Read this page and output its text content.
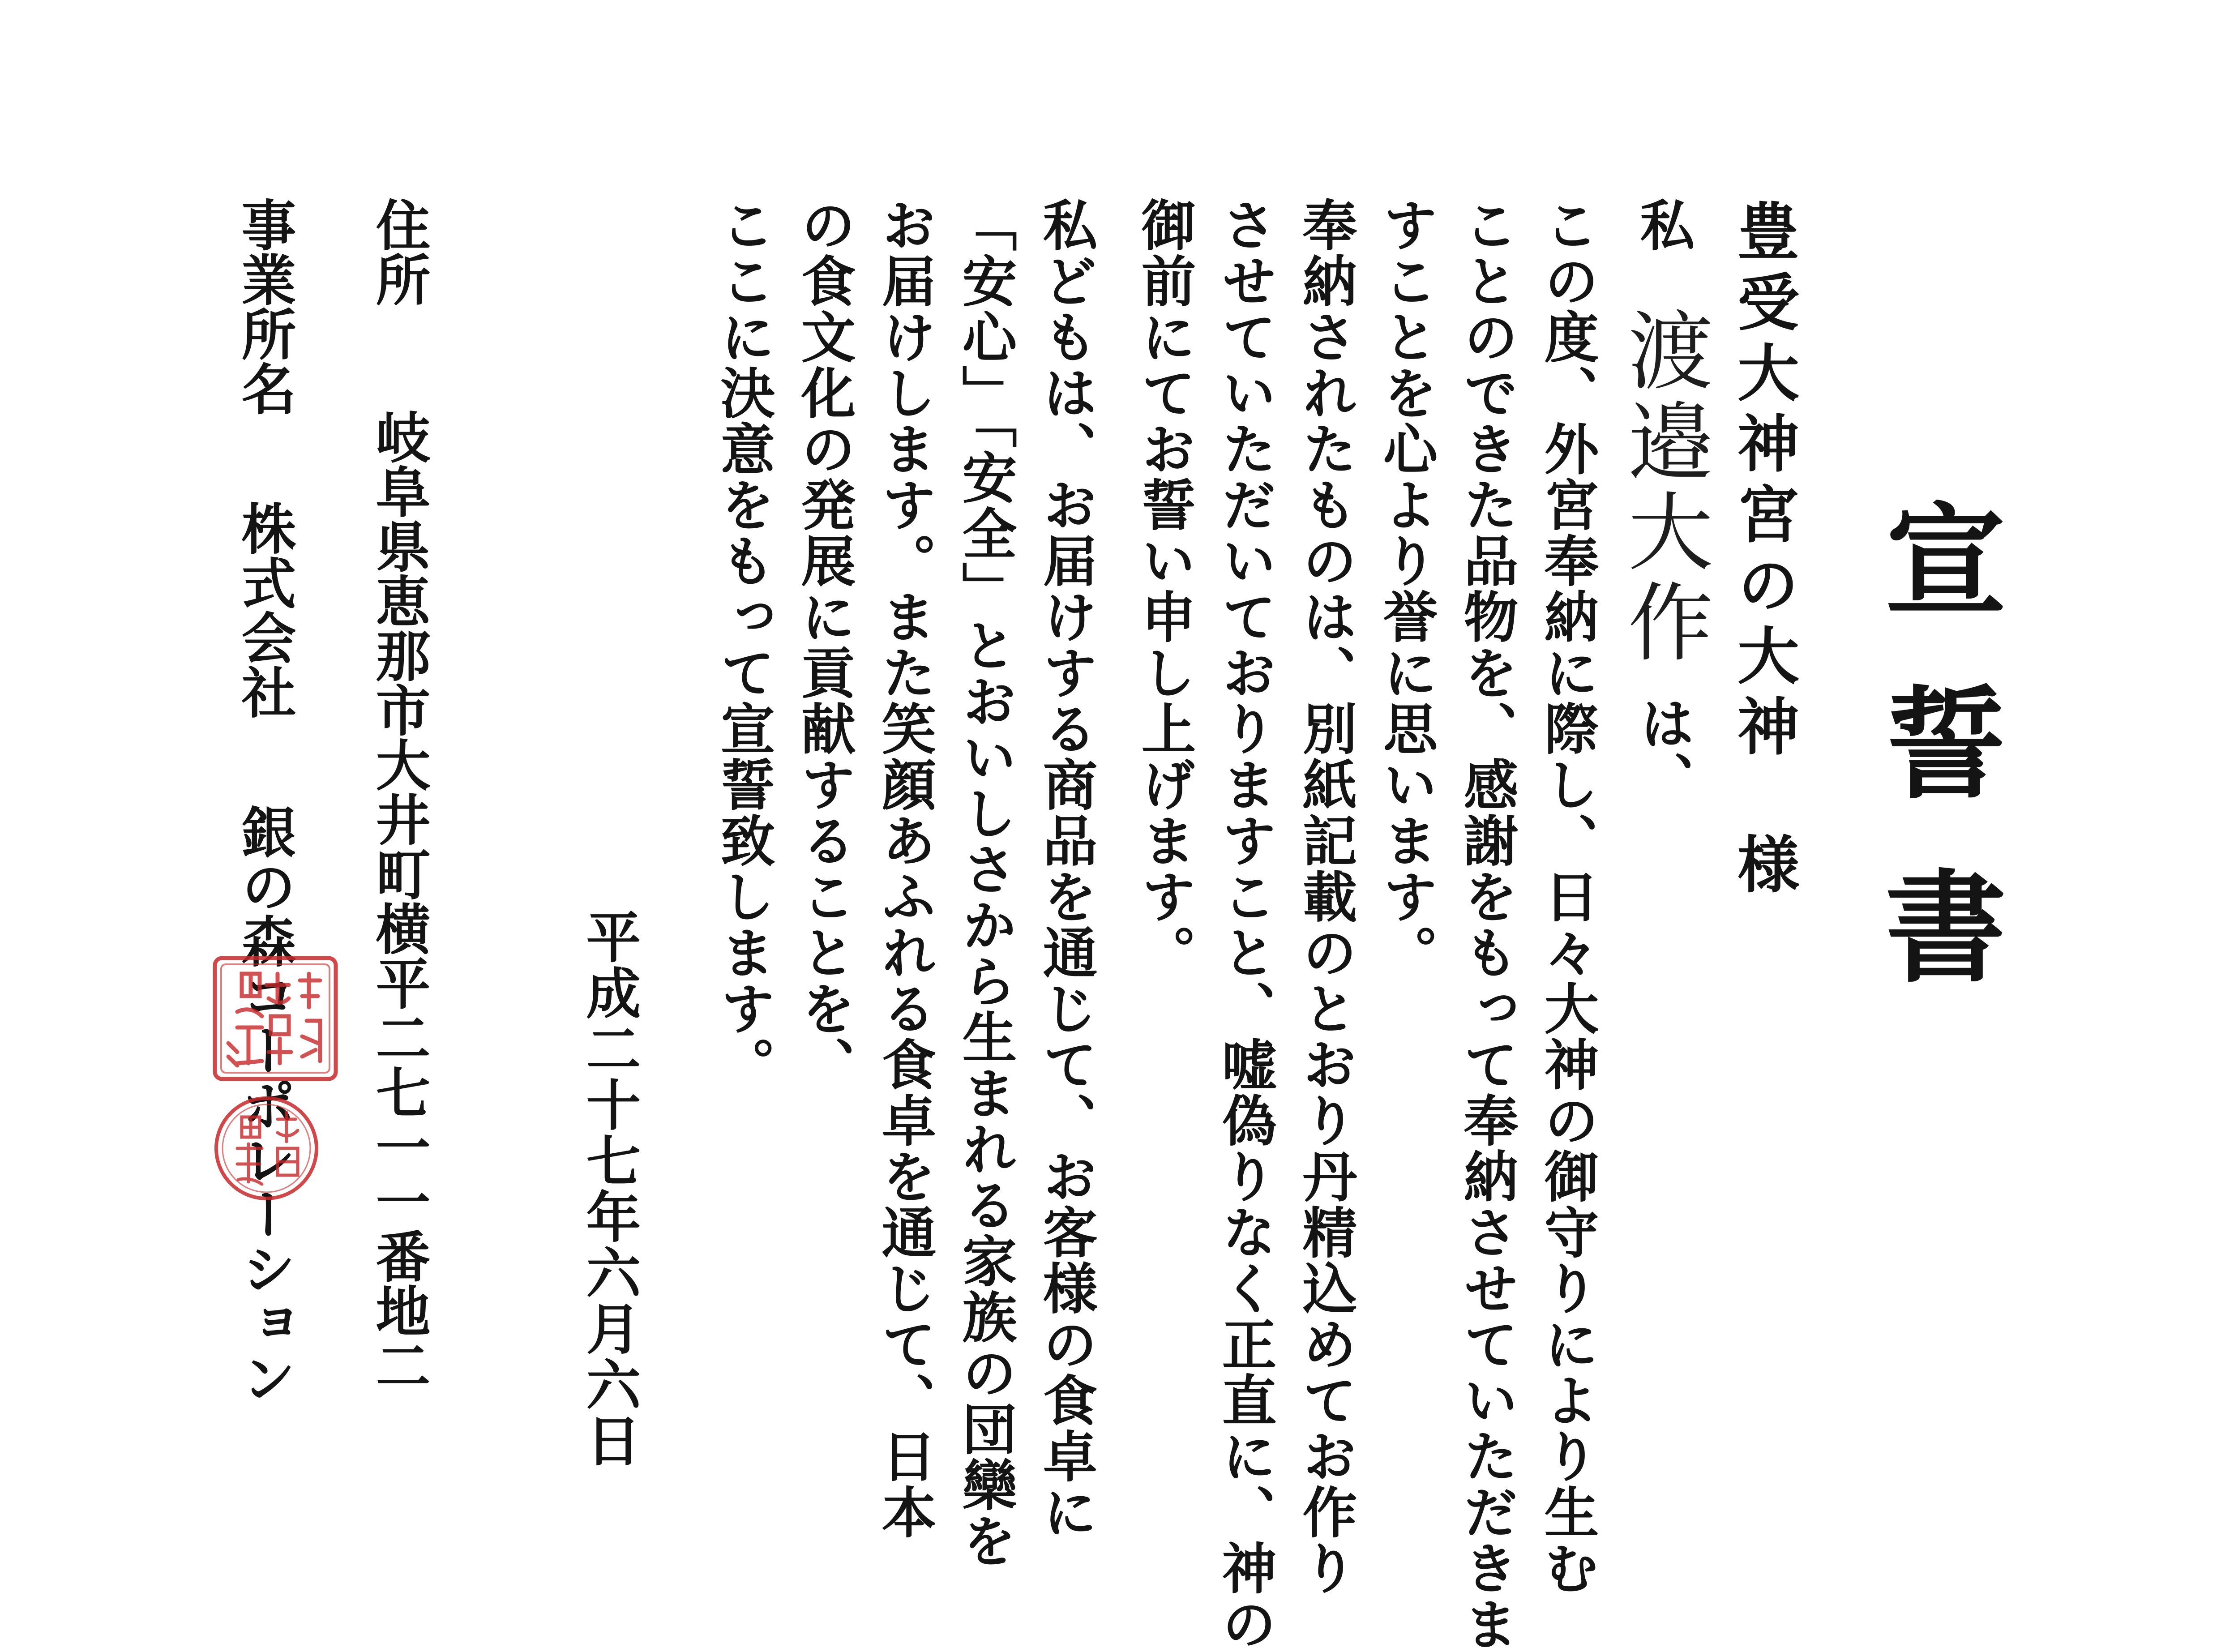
宣誓書
豊受大神宮の大神様
私渡邉大作は、
この度、外宮奉納に際し、日々大神の御守りにより生む
ことのできた品物を、感謝をもって奉納させていただきま
すことを心より誉に思います。
奉納されたものは、別紙記載のとおり丹精込めてお作り
させていただいておりますこと、嘘偽りなく正直に、神の
御前にてお誓い申し上げます。
私どもは、お届けする商品を通じて、お客様の食卓に
「安心」「安全」とおいしさから生まれる家族の団欒を
お届けします。また笑顔あふれる食卓を通じて、日本
の食文化の発展に貢献することを、
ここに決意をもって宣誓致します。
平成二十七年六月六日
住所岐阜県恵那市大井町横平二七一一番地二
事業所名株式会社銀の森コーポレーション
